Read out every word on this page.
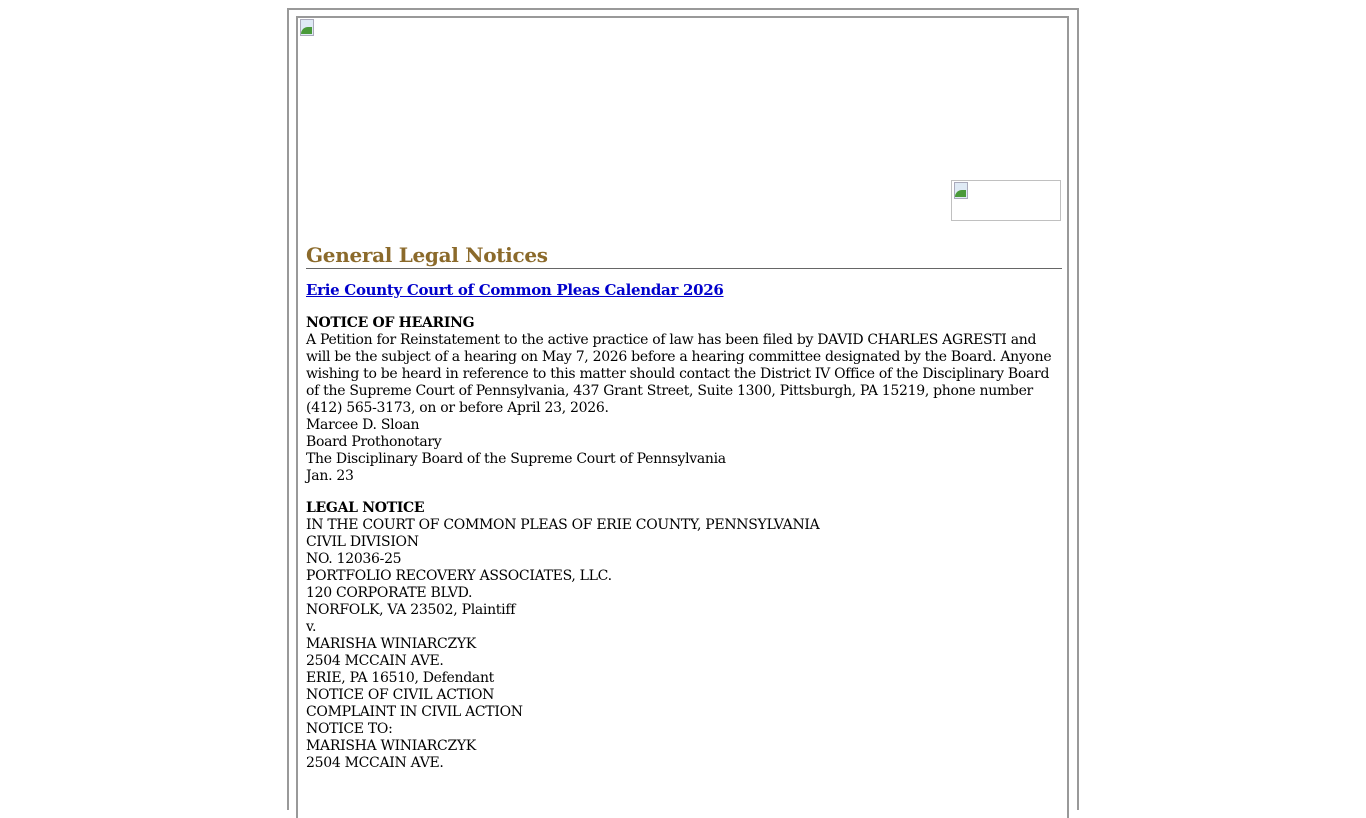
General Legal Notices
Erie County Court of Common Pleas Calendar 2026
NOTICE OF HEARING
A Petition for Reinstatement to the active practice of law has been filed by DAVID CHARLES AGRESTI and will be the subject of a hearing on May 7, 2026 before a hearing committee designated by the Board. Anyone wishing to be heard in reference to this matter should contact the District IV Office of the Disciplinary Board of the Supreme Court of Pennsylvania, 437 Grant Street, Suite 1300, Pittsburgh, PA 15219, phone number (412) 565-3173, on or before April 23, 2026.
Marcee D. Sloan
Board Prothonotary
The Disciplinary Board of the Supreme Court of Pennsylvania
Jan. 23
LEGAL NOTICE
IN THE COURT OF COMMON PLEAS OF ERIE COUNTY, PENNSYLVANIA
CIVIL DIVISION
NO. 12036-25
PORTFOLIO RECOVERY ASSOCIATES, LLC.
120 CORPORATE BLVD.
NORFOLK, VA 23502, Plaintiff
v.
MARISHA WINIARCZYK
2504 MCCAIN AVE.
ERIE, PA 16510, Defendant
NOTICE OF CIVIL ACTION
COMPLAINT IN CIVIL ACTION
NOTICE TO:
MARISHA WINIARCZYK
2504 MCCAIN AVE.
